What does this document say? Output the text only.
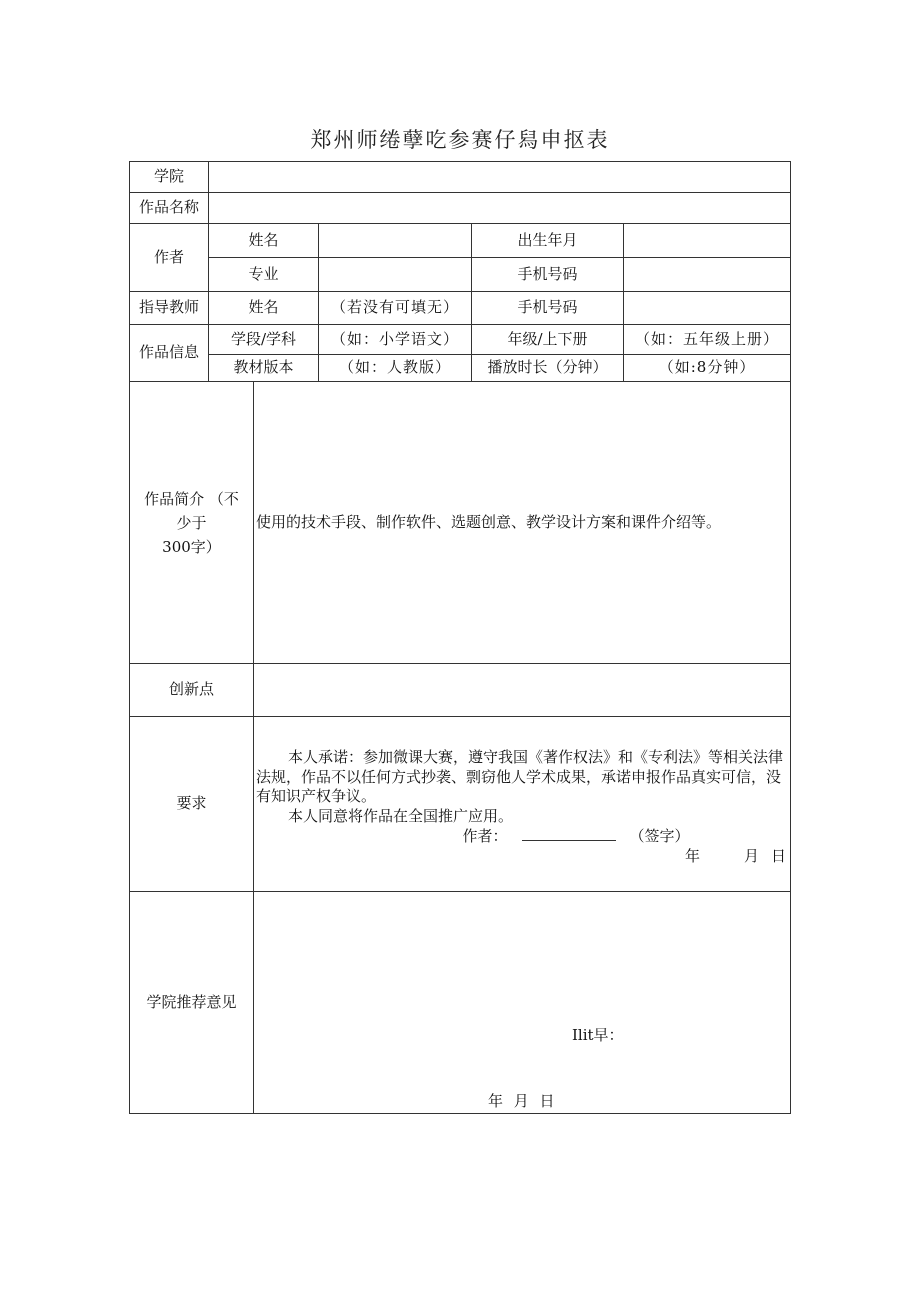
郑州师绻孽吃参赛仔舄申抠表
学院					
作品名称					
作者	姓名			出生年月	
	专业			手机号码	
指导教师	姓名		（若没有可填无）	手机号码	
作品信息	学段/学科		（如：小学语文）	年级/上下册	（如：五年级上册）
	教材版本		（如：人教版）	播放时长（分钟）	（如:8分钟）

作品简介 （不
少于
300字）		使用的技术手段、制作软件、选题创意、教学设计方案和课件介绍等。			
创新点					
要求		本人承诺：参加微课大赛，遵守我国《著作权法》和《专利法》等相关法律法规，作品不以任何方式抄袭、剽窃他人学术成果，承诺申报作品真实可信，没有知识产权争议。

本人同意将作品在全国推广应用。

作者： （签字）

年 月 日			

学院推荐意见		Ilit早：
年 月 日			
